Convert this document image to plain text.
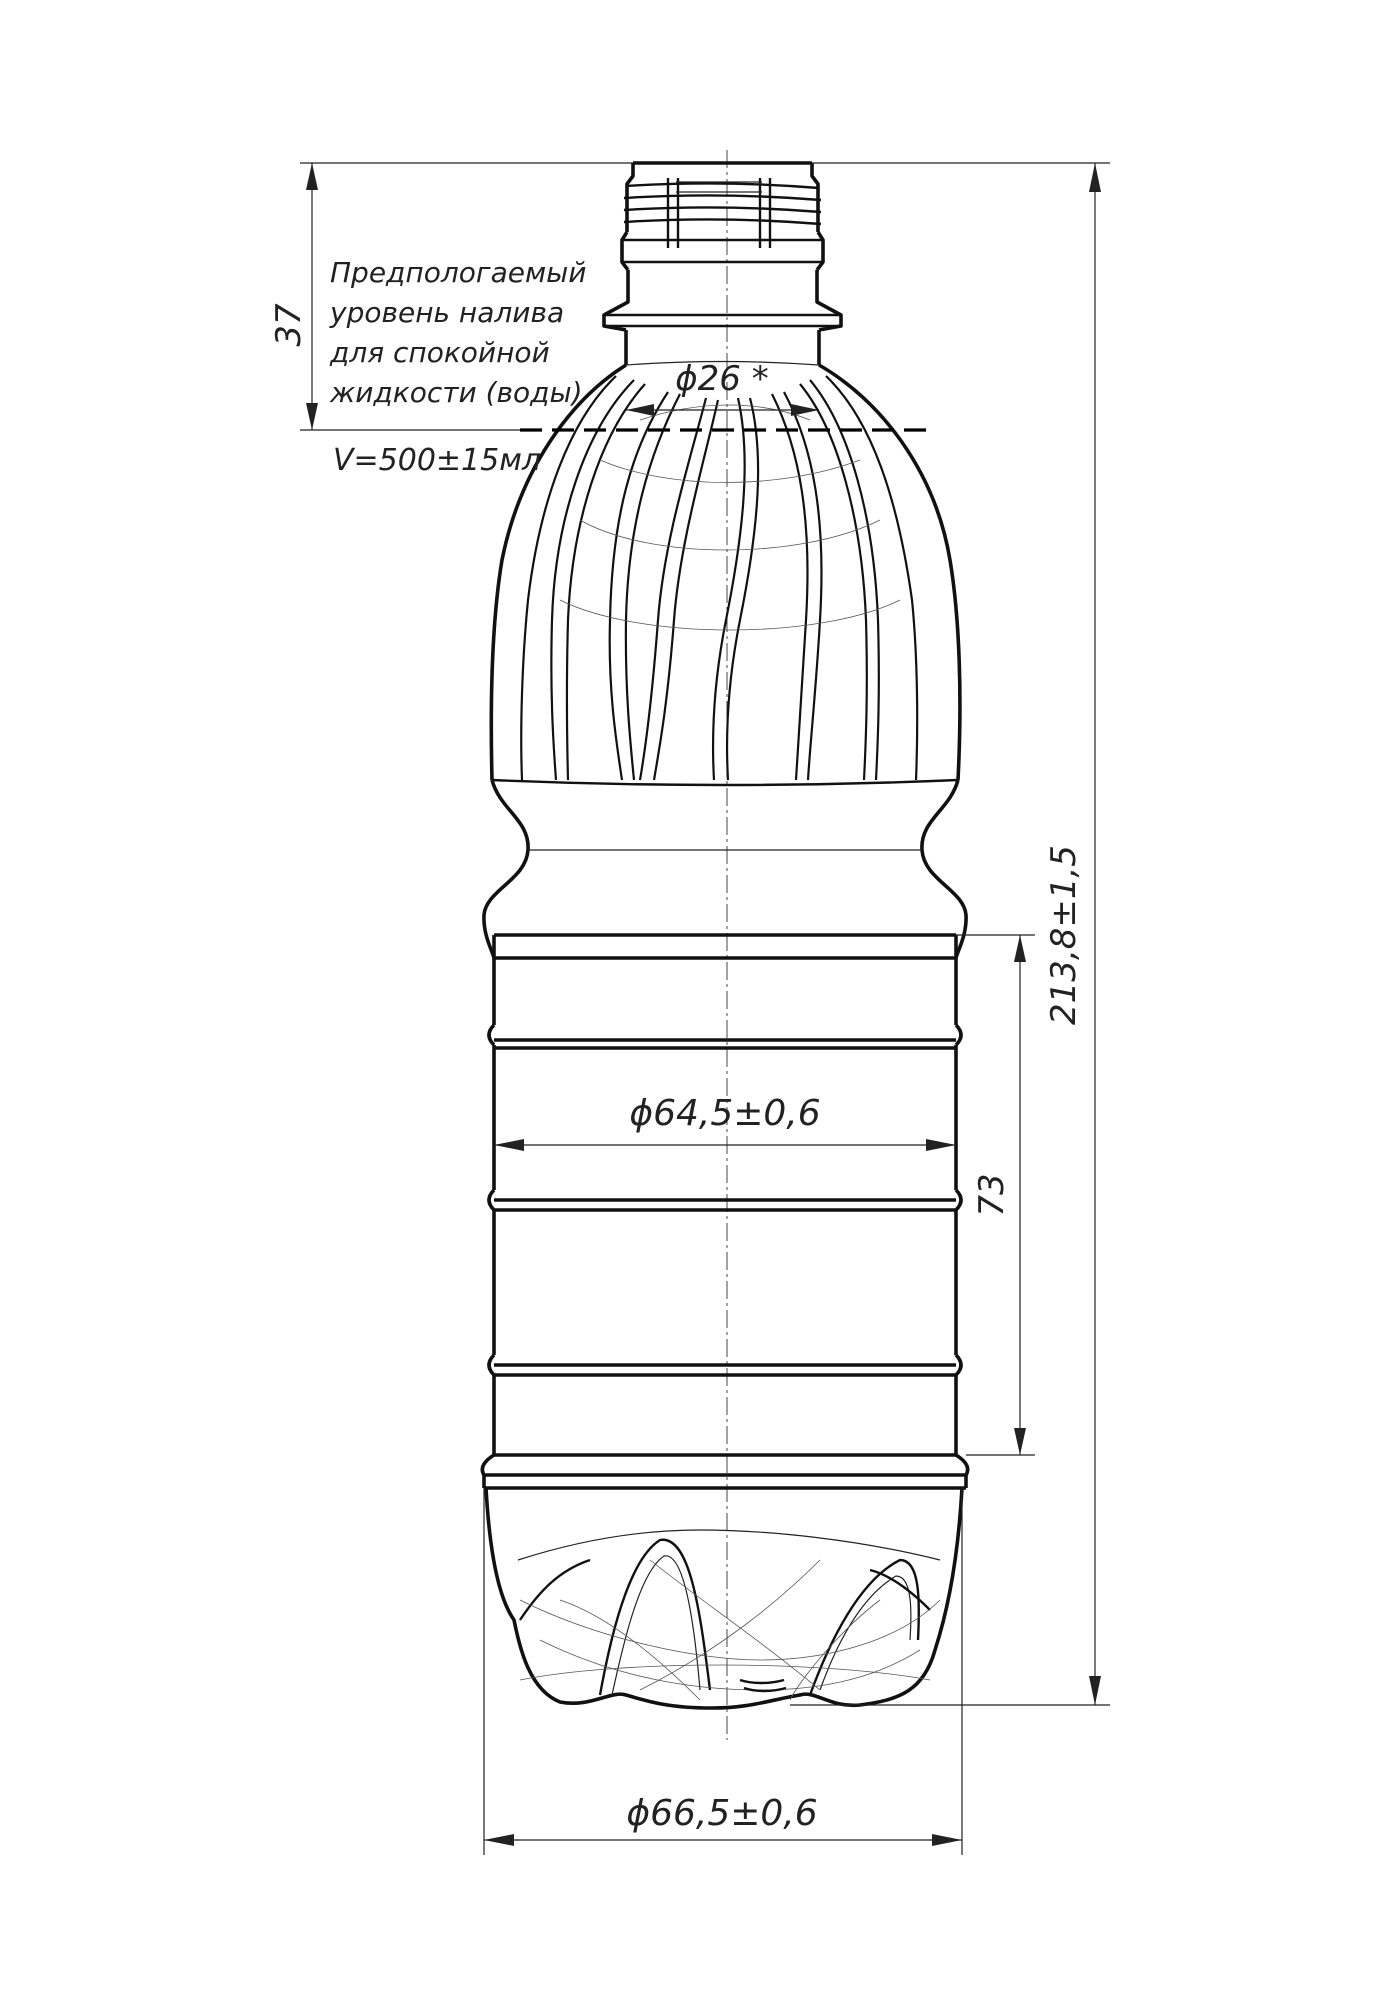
37
Предпологаемый
уровень налива
для спокойной
жидкости (воды)
V=500±15мл
ϕ26 *
213,8±1,5
73
ϕ64,5±0,6
ϕ66,5±0,6
